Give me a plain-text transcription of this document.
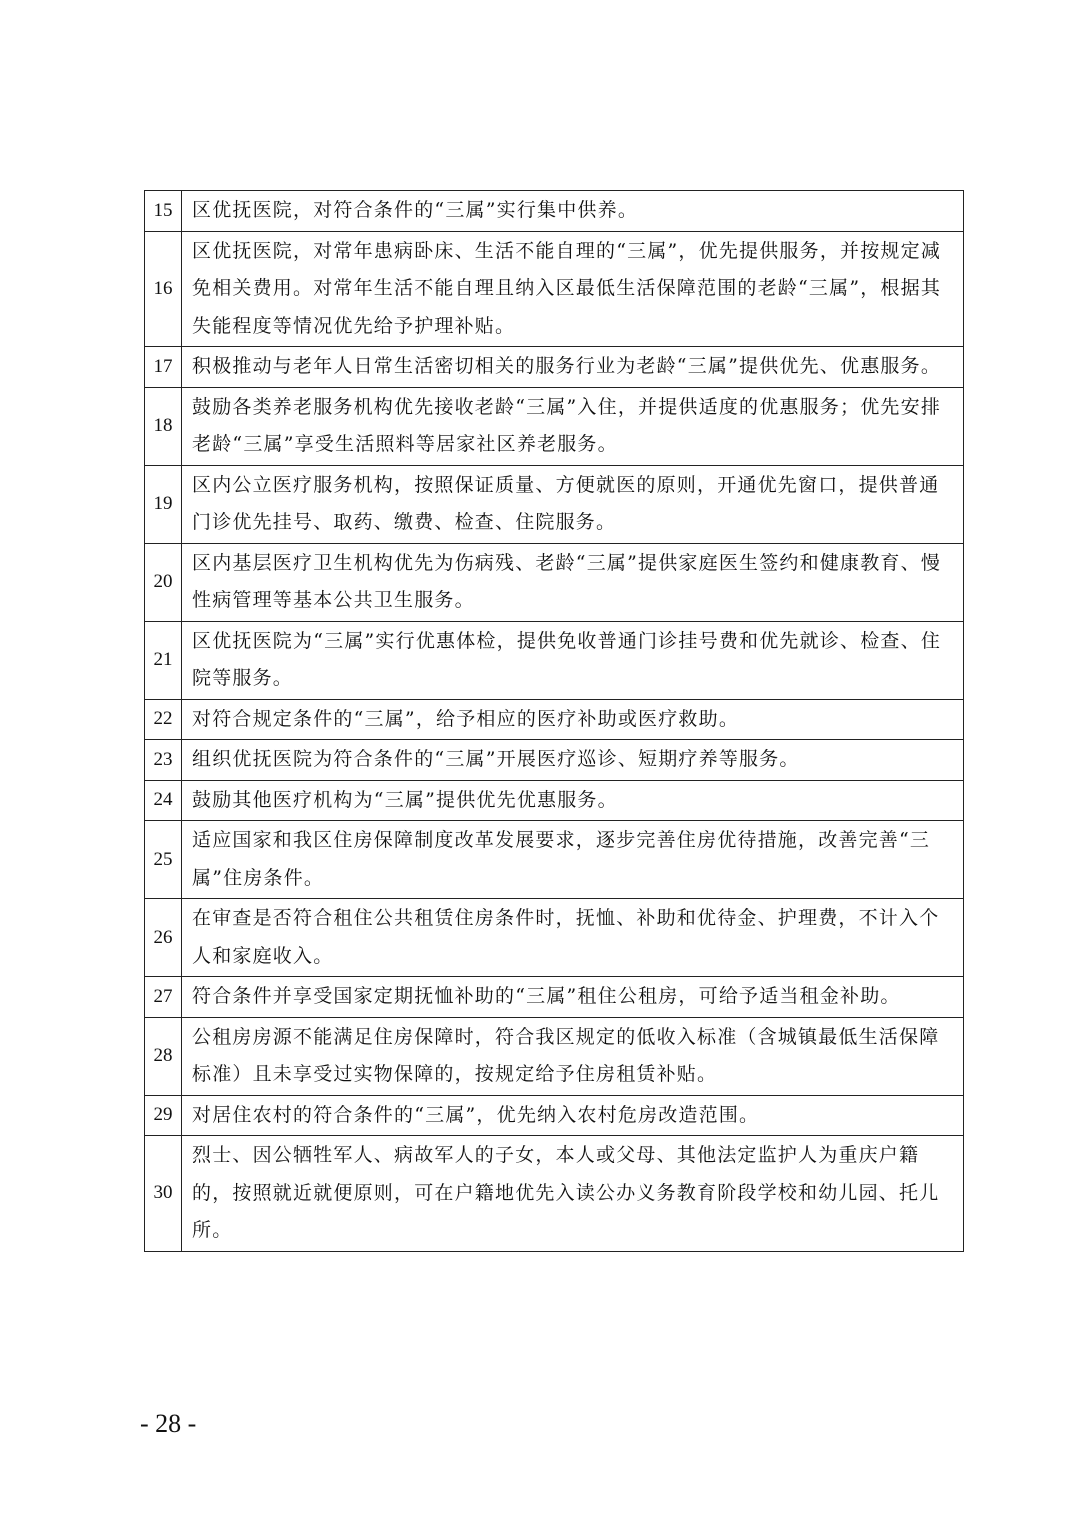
15	区优抚医院，对符合条件的“三属”实行集中供养。
16	区优抚医院，对常年患病卧床、生活不能自理的“三属”，优先提供服务，并按规定减免相关费用。对常年生活不能自理且纳入区最低生活保障范围的老龄“三属”，根据其失能程度等情况优先给予护理补贴。
17	积极推动与老年人日常生活密切相关的服务行业为老龄“三属”提供优先、优惠服务。
18	鼓励各类养老服务机构优先接收老龄“三属”入住，并提供适度的优惠服务；优先安排老龄“三属”享受生活照料等居家社区养老服务。
19	区内公立医疗服务机构，按照保证质量、方便就医的原则，开通优先窗口，提供普通门诊优先挂号、取药、缴费、检查、住院服务。
20	区内基层医疗卫生机构优先为伤病残、老龄“三属”提供家庭医生签约和健康教育、慢性病管理等基本公共卫生服务。
21	区优抚医院为“三属”实行优惠体检，提供免收普通门诊挂号费和优先就诊、检查、住院等服务。
22	对符合规定条件的“三属”，给予相应的医疗补助或医疗救助。
23	组织优抚医院为符合条件的“三属”开展医疗巡诊、短期疗养等服务。
24	鼓励其他医疗机构为“三属”提供优先优惠服务。
25	适应国家和我区住房保障制度改革发展要求，逐步完善住房优待措施，改善完善“三属”住房条件。
26	在审查是否符合租住公共租赁住房条件时，抚恤、补助和优待金、护理费，不计入个人和家庭收入。
27	符合条件并享受国家定期抚恤补助的“三属”租住公租房，可给予适当租金补助。
28	公租房房源不能满足住房保障时，符合我区规定的低收入标准（含城镇最低生活保障标准）且未享受过实物保障的，按规定给予住房租赁补贴。
29	对居住农村的符合条件的“三属”，优先纳入农村危房改造范围。
30	烈士、因公牺牲军人、病故军人的子女，本人或父母、其他法定监护人为重庆户籍的，按照就近就便原则，可在户籍地优先入读公办义务教育阶段学校和幼儿园、托儿所。
- 28 -
